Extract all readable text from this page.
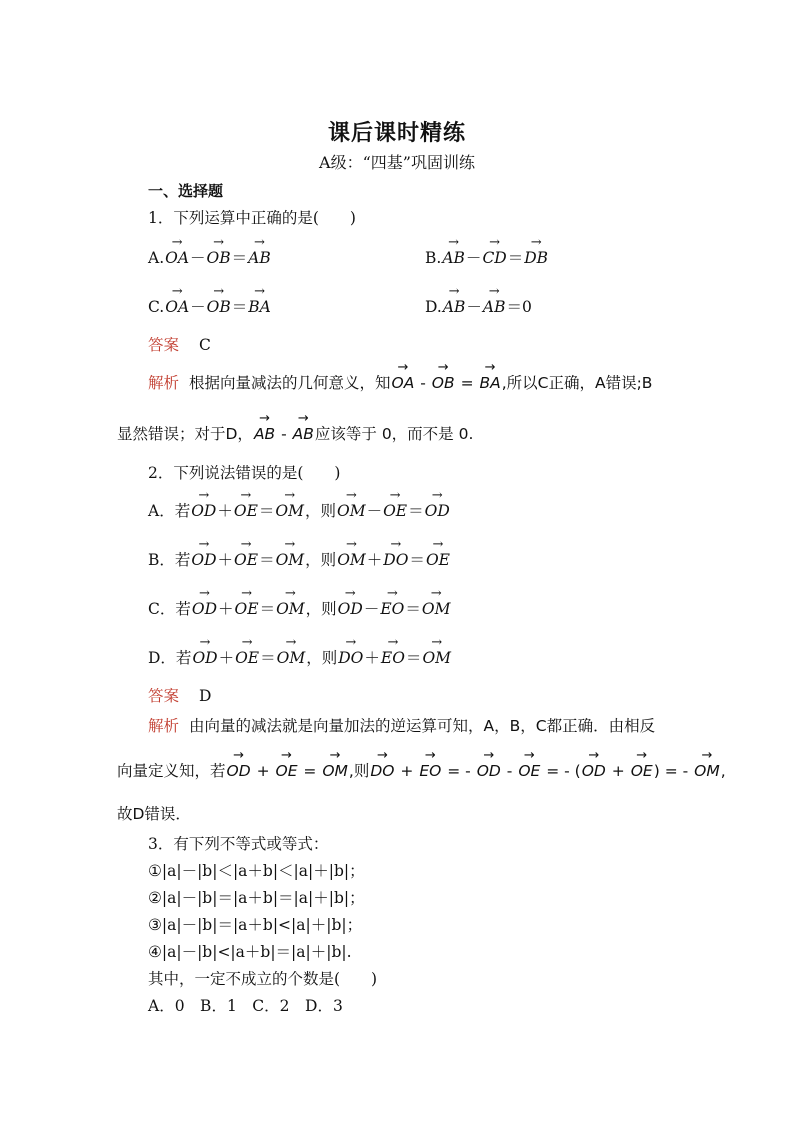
课后课时精练
A级：“四基”巩固训练
一、选择题
1．下列运算中正确的是(　　)
A.→ OA－→ OB＝→ AB	B.→ AB－→ CD＝→ DB
C.→ OA－→ OB＝→ BA	D.→ AB－→ AB＝0
答案 C
解析 根据向量减法的几何意义，知→ OA - → OB = → BA,所以C正确，A错误;B
显然错误；对于D，→ AB - → AB应该等于 0，而不是 0.
2．下列说法错误的是(　　)
A．若→ OD＋→ OE＝→ OM，则→ OM－→ OE＝→ OD
B．若→ OD＋→ OE＝→ OM，则→ OM＋→ DO＝→ OE
C．若→ OD＋→ OE＝→ OM，则→ OD－→ EO＝→ OM
D．若→ OD＋→ OE＝→ OM，则→ DO＋→ EO＝→ OM
答案 D
解析 由向量的减法就是向量加法的逆运算可知，A，B，C都正确．由相反
向量定义知，若→ OD + → OE = → OM,则→ DO + → EO = - → OD - → OE = - (→ OD + → OE) = - → OM,
故D错误．
3．有下列不等式或等式：
①|a|－|b|＜|a＋b|＜|a|＋|b|；
②|a|－|b|＝|a＋b|＝|a|＋|b|；
③|a|－|b|＝|a＋b|<|a|＋|b|；
④|a|－|b|<|a＋b|＝|a|＋|b|.
其中，一定不成立的个数是(　　)
A．0　B．1　C．2　D．3
